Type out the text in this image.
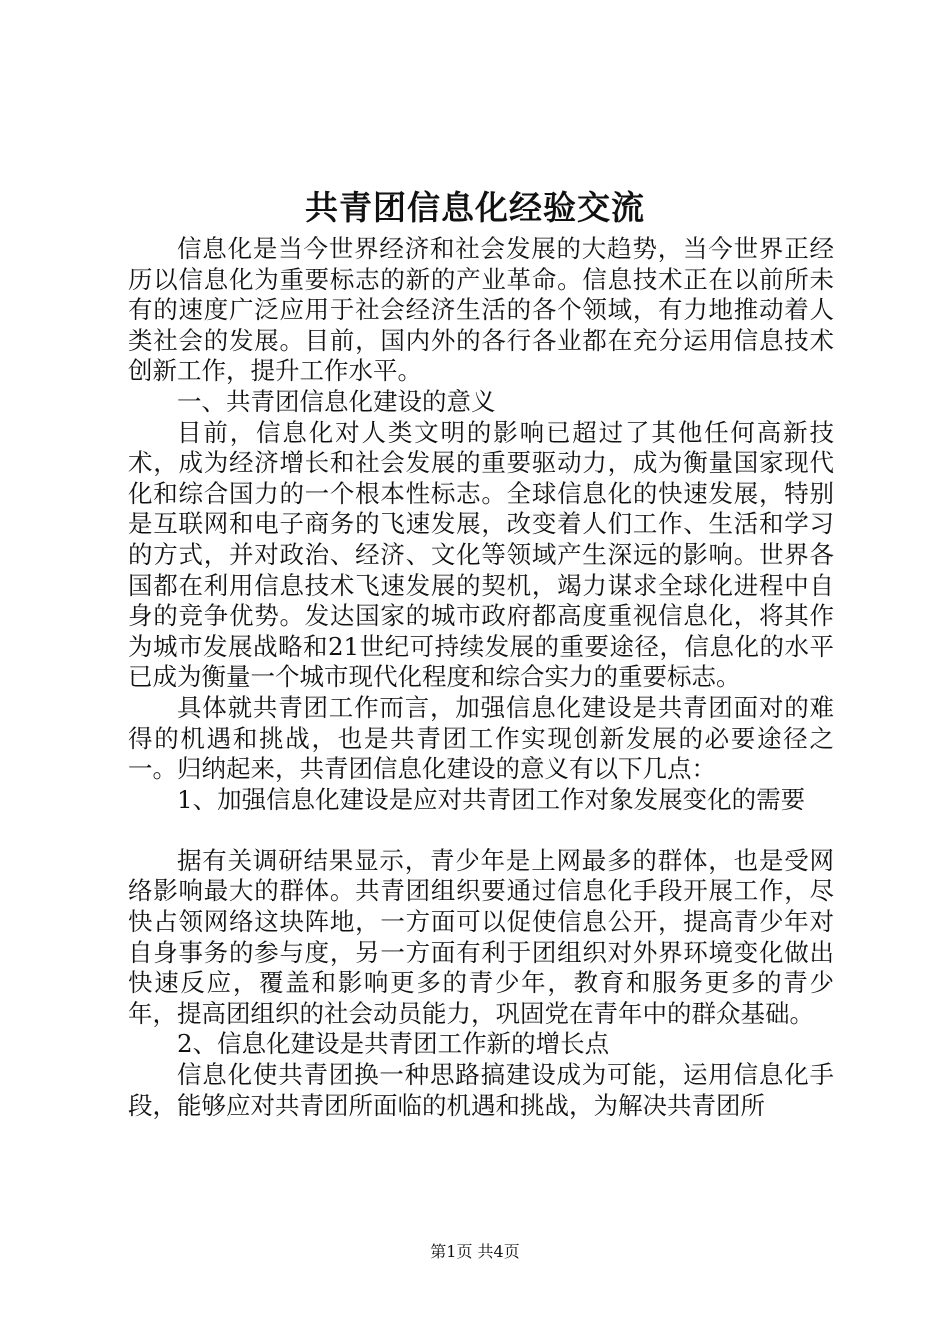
共青团信息化经验交流

信息化是当今世界经济和社会发展的大趋势，当今世界正经历以信息化为重要标志的新的产业革命。信息技术正在以前所未有的速度广泛应用于社会经济生活的各个领域，有力地推动着人类社会的发展。目前，国内外的各行各业都在充分运用信息技术创新工作，提升工作水平。

一、共青团信息化建设的意义

目前，信息化对人类文明的影响已超过了其他任何高新技术，成为经济增长和社会发展的重要驱动力，成为衡量国家现代化和综合国力的一个根本性标志。全球信息化的快速发展，特别是互联网和电子商务的飞速发展，改变着人们工作、生活和学习的方式，并对政治、经济、文化等领域产生深远的影响。世界各国都在利用信息技术飞速发展的契机，竭力谋求全球化进程中自身的竞争优势。发达国家的城市政府都高度重视信息化，将其作为城市发展战略和21世纪可持续发展的重要途径，信息化的水平已成为衡量一个城市现代化程度和综合实力的重要标志。

具体就共青团工作而言，加强信息化建设是共青团面对的难得的机遇和挑战，也是共青团工作实现创新发展的必要途径之一。归纳起来，共青团信息化建设的意义有以下几点：

1、加强信息化建设是应对共青团工作对象发展变化的需要

据有关调研结果显示，青少年是上网最多的群体，也是受网络影响最大的群体。共青团组织要通过信息化手段开展工作，尽快占领网络这块阵地，一方面可以促使信息公开，提高青少年对自身事务的参与度，另一方面有利于团组织对外界环境变化做出快速反应，覆盖和影响更多的青少年，教育和服务更多的青少年，提高团组织的社会动员能力，巩固党在青年中的群众基础。

2、信息化建设是共青团工作新的增长点

信息化使共青团换一种思路搞建设成为可能，运用信息化手段，能够应对共青团所面临的机遇和挑战，为解决共青团所

第1页 共4页
